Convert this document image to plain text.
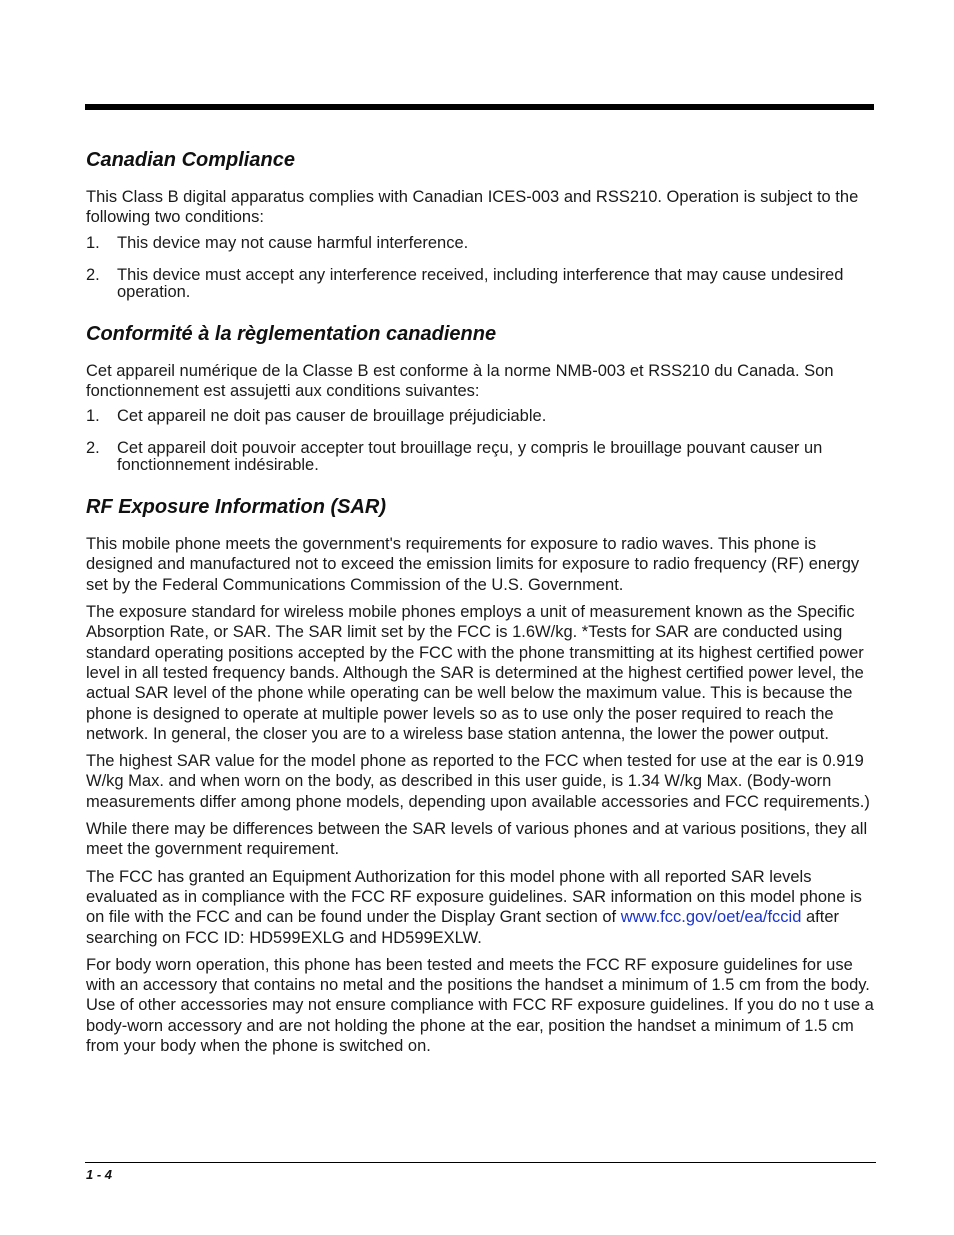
Canadian Compliance

This Class B digital apparatus complies with Canadian ICES-003 and RSS210. Operation is subject to the following two conditions:

1. This device may not cause harmful interference.
2. This device must accept any interference received, including interference that may cause undesired operation.
Conformité à la règlementation canadienne

Cet appareil numérique de la Classe B est conforme à la norme NMB-003 et RSS210 du Canada. Son fonctionnement est assujetti aux conditions suivantes:

1. Cet appareil ne doit pas causer de brouillage préjudiciable.
2. Cet appareil doit pouvoir accepter tout brouillage reçu, y compris le brouillage pouvant causer un fonctionnement indésirable.
RF Exposure Information (SAR)

This mobile phone meets the government's requirements for exposure to radio waves. This phone is designed and manufactured not to exceed the emission limits for exposure to radio frequency (RF) energy set by the Federal Communications Commission of the U.S. Government.

The exposure standard for wireless mobile phones employs a unit of measurement known as the Specific Absorption Rate, or SAR. The SAR limit set by the FCC is 1.6W/kg. *Tests for SAR are conducted using standard operating positions accepted by the FCC with the phone transmitting at its highest certified power level in all tested frequency bands. Although the SAR is determined at the highest certified power level, the actual SAR level of the phone while operating can be well below the maximum value. This is because the phone is designed to operate at multiple power levels so as to use only the poser required to reach the network. In general, the closer you are to a wireless base station antenna, the lower the power output.

The highest SAR value for the model phone as reported to the FCC when tested for use at the ear is 0.919 W/kg Max. and when worn on the body, as described in this user guide, is 1.34 W/kg Max. (Body-worn measurements differ among phone models, depending upon available accessories and FCC requirements.)

While there may be differences between the SAR levels of various phones and at various positions, they all meet the government requirement.

The FCC has granted an Equipment Authorization for this model phone with all reported SAR levels evaluated as in compliance with the FCC RF exposure guidelines. SAR information on this model phone is on file with the FCC and can be found under the Display Grant section of www.fcc.gov/oet/ea/fccid after searching on FCC ID: HD599EXLG and HD599EXLW.

For body worn operation, this phone has been tested and meets the FCC RF exposure guidelines for use with an accessory that contains no metal and the positions the handset a minimum of 1.5 cm from the body. Use of other accessories may not ensure compliance with FCC RF exposure guidelines. If you do no t use a body-worn accessory and are not holding the phone at the ear, position the handset a minimum of 1.5 cm from your body when the phone is switched on.

1 - 4
